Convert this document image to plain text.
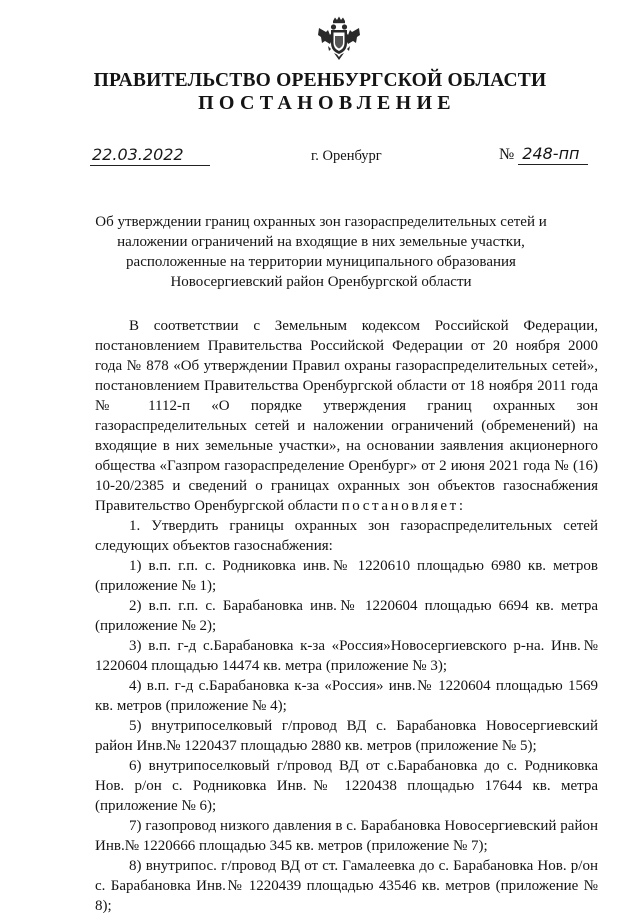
ПРАВИТЕЛЬСТВО ОРЕНБУРГСКОЙ ОБЛАСТИ
ПОСТАНОВЛЕНИЕ
22.03.2022	г. Оренбург	№ 248-пп
Об утверждении границ охранных зон газораспределительных сетей и наложении ограничений на входящие в них земельные участки, расположенные на территории муниципального образования Новосергиевский район Оренбургской области

В соответствии с Земельным кодексом Российской Федерации, постановлением Правительства Российской Федерации от 20 ноября 2000 года № 878 «Об утверждении Правил охраны газораспределительных сетей», постановлением Правительства Оренбургской области от 18 ноября 2011 года № 1112-п «О порядке утверждения границ охранных зон газораспределительных сетей и наложении ограничений (обременений) на входящие в них земельные участки», на основании заявления акционерного общества «Газпром газораспределение Оренбург» от 2 июня 2021 года № (16) 10-20/2385 и сведений о границах охранных зон объектов газоснабжения Правительство Оренбургской области постановляет:

1. Утвердить границы охранных зон газораспределительных сетей следующих объектов газоснабжения:

1) в.п. г.п. с. Родниковка инв.№ 1220610 площадью 6980 кв. метров (приложение № 1);

2) в.п. г.п. с. Барабановка инв.№ 1220604 площадью 6694 кв. метра (приложение № 2);

3) в.п. г-д с.Барабановка к-за «Россия»Новосергиевского р-на. Инв.№ 1220604 площадью 14474 кв. метра (приложение № 3);

4) в.п. г-д с.Барабановка к-за «Россия» инв.№ 1220604 площадью 1569 кв. метров (приложение № 4);

5) внутрипоселковый г/провод ВД с. Барабановка Новосергиевский район Инв.№ 1220437 площадью 2880 кв. метров (приложение № 5);

6) внутрипоселковый г/провод ВД от с.Барабановка до с. Родниковка Нов. р/он с. Родниковка Инв.№ 1220438 площадью 17644 кв. метра (приложение № 6);

7) газопровод низкого давления в с. Барабановка Новосергиевский район Инв.№ 1220666 площадью 345 кв. метров (приложение № 7);

8) внутрипос. г/провод ВД от ст. Гамалеевка до с. Барабановка Нов. р/он с. Барабановка Инв.№ 1220439 площадью 43546 кв. метров (приложение № 8);
